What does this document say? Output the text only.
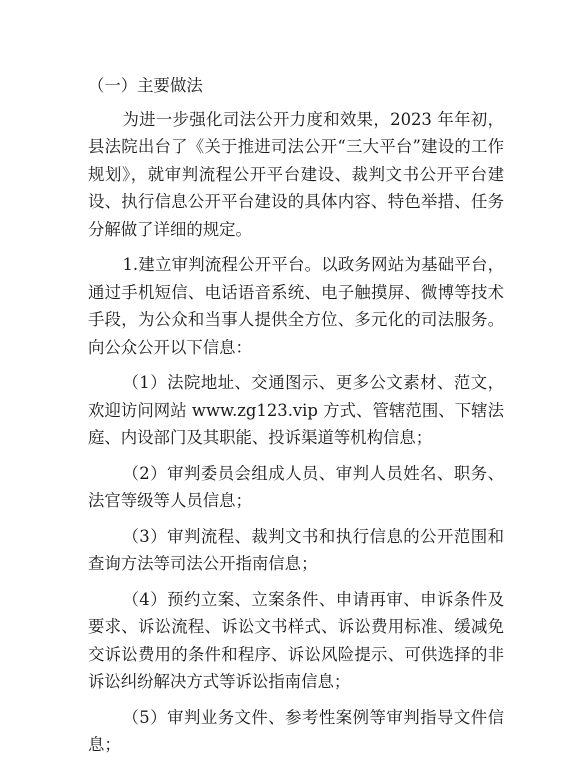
（一）主要做法

为进一步强化司法公开力度和效果，2023 年年初，县法院出台了《关于推进司法公开“三大平台”建设的工作规划》，就审判流程公开平台建设、裁判文书公开平台建设、执行信息公开平台建设的具体内容、特色举措、任务分解做了详细的规定。

1.建立审判流程公开平台。以政务网站为基础平台，通过手机短信、电话语音系统、电子触摸屏、微博等技术手段，为公众和当事人提供全方位、多元化的司法服务。向公众公开以下信息：

（1）法院地址、交通图示、更多公文素材、范文，欢迎访问网站 www.zg123.vip 方式、管辖范围、下辖法庭、内设部门及其职能、投诉渠道等机构信息；

（2）审判委员会组成人员、审判人员姓名、职务、法官等级等人员信息；

（3）审判流程、裁判文书和执行信息的公开范围和查询方法等司法公开指南信息；

（4）预约立案、立案条件、申请再审、申诉条件及要求、诉讼流程、诉讼文书样式、诉讼费用标准、缓减免交诉讼费用的条件和程序、诉讼风险提示、可供选择的非诉讼纠纷解决方式等诉讼指南信息；

（5）审判业务文件、参考性案例等审判指导文件信息；
